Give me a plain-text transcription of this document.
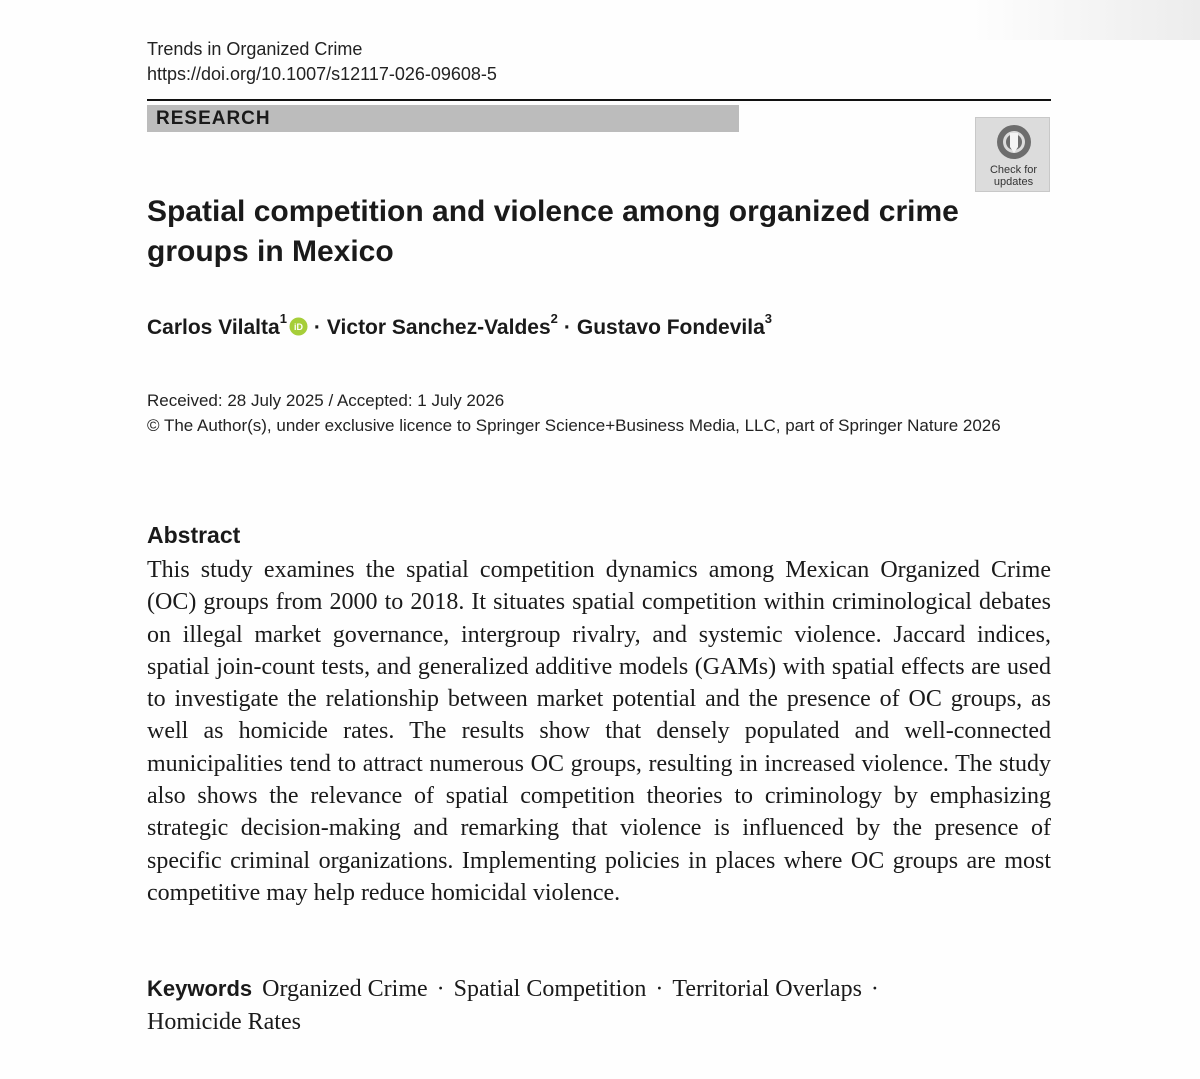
Trends in Organized Crime
https://doi.org/10.1007/s12117-026-09608-5
RESEARCH
Check for
updates
Spatial competition and violence among organized crime groups in Mexico
Carlos Vilalta$^1$
iD · Victor Sanchez-Valdes$^2$ · Gustavo Fondevila$^3$
Received: 28 July 2025 / Accepted: 1 July 2026
© The Author(s), under exclusive licence to Springer Science+Business Media, LLC, part of Springer Nature 2026
Abstract
This study examines the spatial competition dynamics among Mexican Organized Crime (OC) groups from 2000 to 2018. It situates spatial competition within criminological debates on illegal market governance, intergroup rivalry, and systemic violence. Jaccard indices, spatial join-count tests, and generalized additive models (GAMs) with spatial effects are used to investigate the relationship between market potential and the presence of OC groups, as well as homicide rates. The results show that densely populated and well-connected municipalities tend to attract numerous OC groups, resulting in increased violence. The study also shows the relevance of spatial competition theories to criminology by emphasizing strategic decision-making and remarking that violence is influenced by the presence of specific criminal organizations. Implementing policies in places where OC groups are most competitive may help reduce homicidal violence.
Keywords Organized Crime · Spatial Competition · Territorial Overlaps ·
Homicide Rates
